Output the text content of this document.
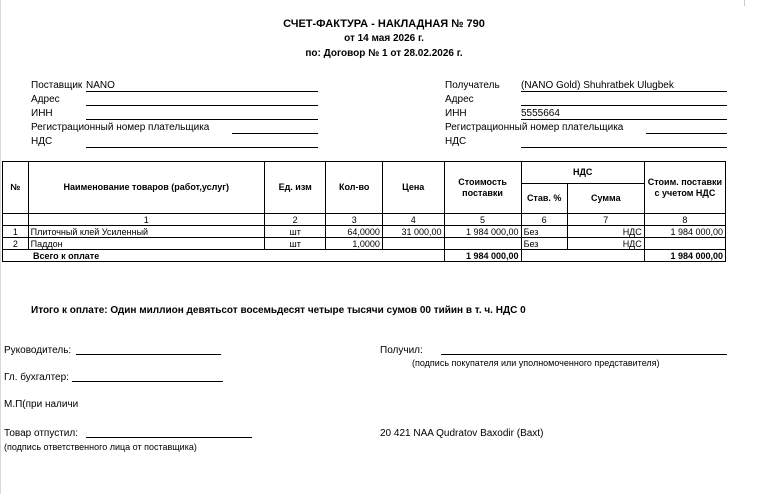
СЧЕТ-ФАКТУРА - НАКЛАДНАЯ № 790
от 14 мая 2026 г.
по: Договор № 1 от 28.02.2026 г.
Поставщик NANO
Адрес
ИНН
Регистрационный номер плательщика
НДС
Получатель (NANO Gold) Shuhratbek Ulugbek
Адрес
ИНН	5555664
Регистрационный номер плательщика
НДС
№	Наименование товаров (работ,услуг)	Ед. изм	Кол-во	Цена	Стоимость поставки	НДС		Стоим. поставки с учетом НДС
						Став. %	Сумма	
	1	2	3	4	5	6	7	8
1	Плиточный клей Усиленный	шт	64,0000	31 000,00	1 984 000,00	Без	НДС	1 984 000,00
2	Паддон	шт	1,0000			Без	НДС	
Всего к оплате					1 984 000,00			1 984 000,00
Итого к оплате: Один миллион девятьсот восемьдесят четыре тысячи сумов 00 тийин в т. ч. НДС 0
Руководитель:
Гл. бухгалтер:
М.П(при наличи
Товар отпустил:
(подпись ответственного лица от поставщика)
Получил:
(подпись покупателя или уполномоченного представителя)
20 421 NAA Qudratov Baxodir (Baxt)
